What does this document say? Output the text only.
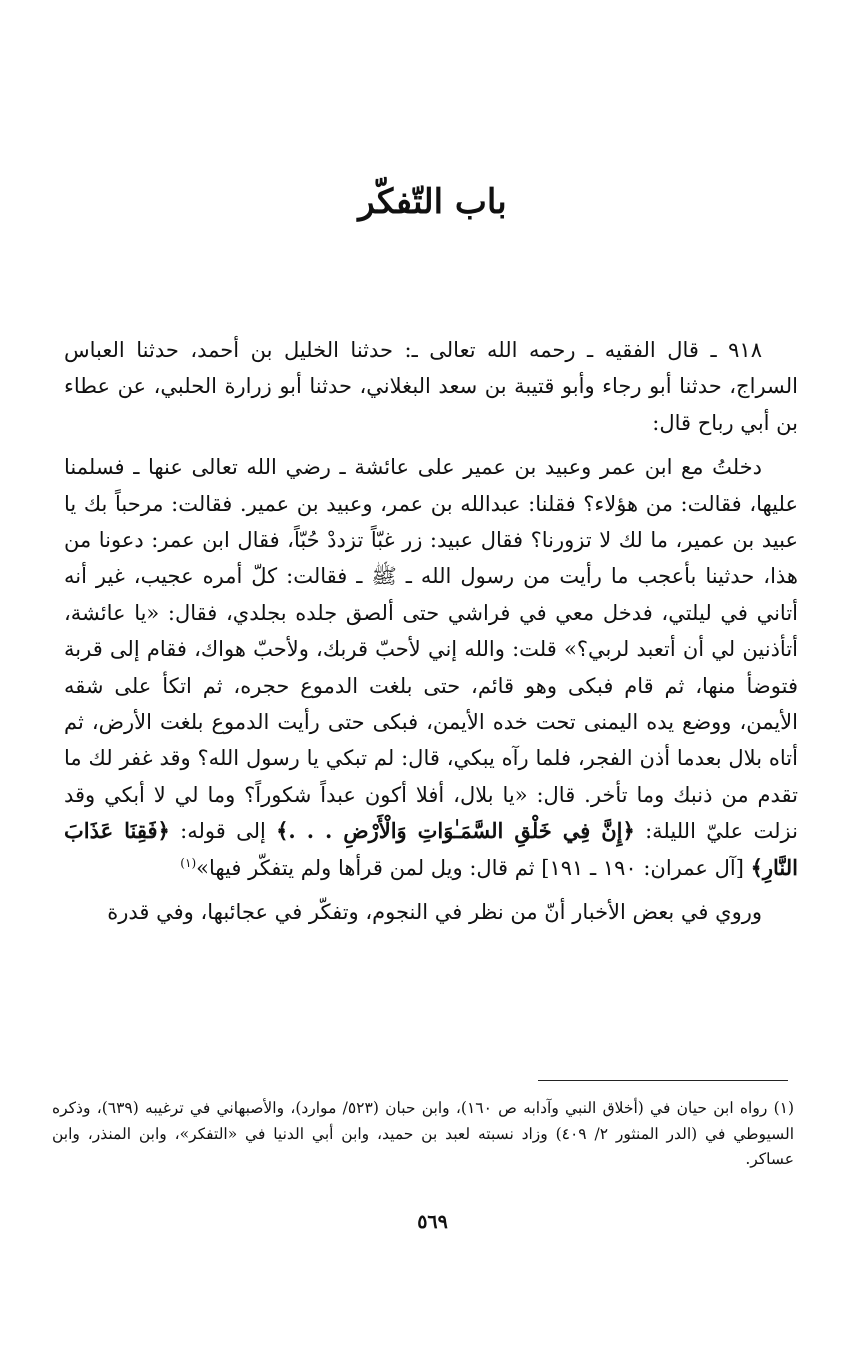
باب التّفكّر

٩١٨ ـ قال الفقيه ـ رحمه الله تعالى ـ: حدثنا الخليل بن أحمد، حدثنا العباس السراج، حدثنا أبو رجاء وأبو قتيبة بن سعد البغلاني، حدثنا أبو زرارة الحلبي، عن عطاء بن أبي رباح قال:

دخلتُ مع ابن عمر وعبيد بن عمير على عائشة ـ رضي الله تعالى عنها ـ فسلمنا عليها، فقالت: من هؤلاء؟ فقلنا: عبدالله بن عمر، وعبيد بن عمير. فقالت: مرحباً بك يا عبيد بن عمير، ما لك لا تزورنا؟ فقال عبيد: زر غبّاً تزددْ حُبّاً، فقال ابن عمر: دعونا من هذا، حدثينا بأعجب ما رأيت من رسول الله ـ ﷺ ـ فقالت: كلّ أمره عجيب، غير أنه أتاني في ليلتي، فدخل معي في فراشي حتى ألصق جلده بجلدي، فقال: «يا عائشة، أتأذنين لي أن أتعبد لربي؟» قلت: والله إني لأحبّ قربك، ولأحبّ هواك، فقام إلى قربة فتوضأ منها، ثم قام فبكى وهو قائم، حتى بلغت الدموع حجره، ثم اتكأ على شقه الأيمن، ووضع يده اليمنى تحت خده الأيمن، فبكى حتى رأيت الدموع بلغت الأرض، ثم أتاه بلال بعدما أذن الفجر، فلما رآه يبكي، قال: لم تبكي يا رسول الله؟ وقد غفر لك ما تقدم من ذنبك وما تأخر. قال: «يا بلال، أفلا أكون عبداً شكوراً؟ وما لي لا أبكي وقد نزلت عليّ الليلة: ﴿إِنَّ فِي خَلْقِ السَّمَـٰوَاتِ وَالْأَرْضِ . . .﴾ إلى قوله: ﴿فَقِنَا عَذَابَ النَّارِ﴾ [آل عمران: ١٩٠ ـ ١٩١] ثم قال: ويل لمن قرأها ولم يتفكّر فيها»$^{(١)}$

وروي في بعض الأخبار أنّ من نظر في النجوم، وتفكّر في عجائبها، وفي قدرة

(١) رواه ابن حيان في (أخلاق النبي وآدابه ص ١٦٠)، وابن حبان (٥٢٣/ موارد)، والأصبهاني في ترغيبه (٦٣٩)، وذكره السيوطي في (الدر المنثور ٢/ ٤٠٩) وزاد نسبته لعبد بن حميد، وابن أبي الدنيا في «التفكر»، وابن المنذر، وابن عساكر.

٥٦٩
